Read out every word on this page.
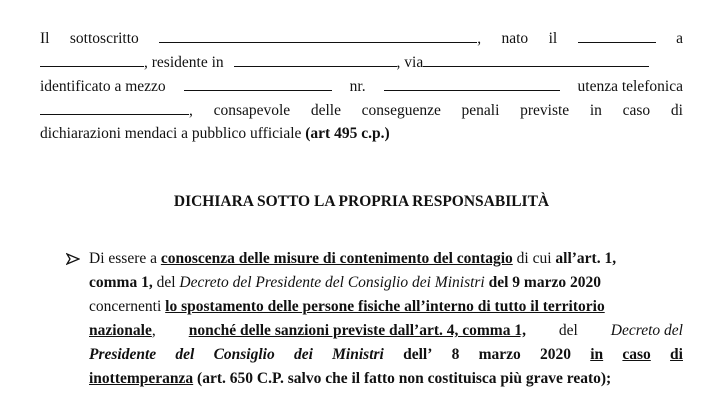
Il sottoscritto	, nato il	a
, residente in	, via
identificato a mezzo	nr.	utenza telefonica
, consapevole delle conseguenze penali previste in caso di
dichiarazioni mendaci a pubblico ufficiale (art 495 c.p.)
DICHIARA SOTTO LA PROPRIA RESPONSABILITÀ
Di essere a conoscenza delle misure di contenimento del contagio di cui all’art. 1,
comma 1, del Decreto del Presidente del Consiglio dei Ministri del 9 marzo 2020
concernenti lo spostamento delle persone fisiche all’interno di tutto il territorio
nazionale, nonché delle sanzioni previste dall’art. 4, comma 1, del Decreto del
Presidente del Consiglio dei Ministri dell’ 8 marzo 2020 in caso di
inottemperanza (art. 650 C.P. salvo che il fatto non costituisca più grave reato);
